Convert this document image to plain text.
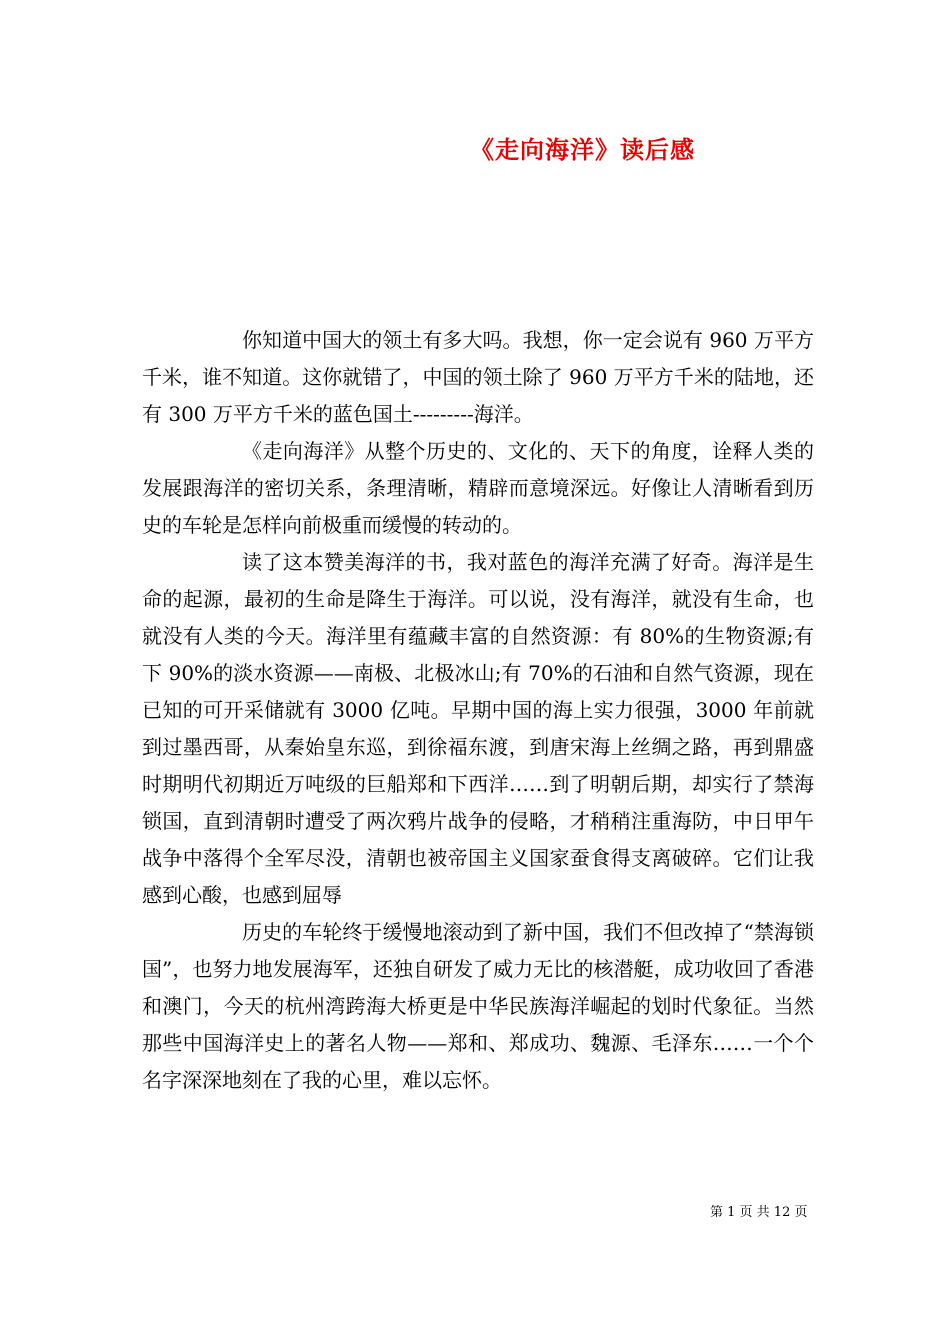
《走向海洋》读后感

你知道中国大的领土有多大吗。我想，你一定会说有 960 万平方千米，谁不知道。这你就错了，中国的领土除了 960 万平方千米的陆地，还有 300 万平方千米的蓝色国土---------海洋。

《走向海洋》从整个历史的、文化的、天下的角度，诠释人类的发展跟海洋的密切关系，条理清晰，精辟而意境深远。好像让人清晰看到历史的车轮是怎样向前极重而缓慢的转动的。

读了这本赞美海洋的书，我对蓝色的海洋充满了好奇。海洋是生命的起源，最初的生命是降生于海洋。可以说，没有海洋，就没有生命，也就没有人类的今天。海洋里有蕴藏丰富的自然资源：有 80%的生物资源;有下 90%的淡水资源——南极、北极冰山;有 70%的石油和自然气资源，现在已知的可开采储就有 3000 亿吨。早期中国的海上实力很强，3000 年前就到过墨西哥，从秦始皇东巡，到徐福东渡，到唐宋海上丝绸之路，再到鼎盛时期明代初期近万吨级的巨船郑和下西洋……到了明朝后期，却实行了禁海锁国，直到清朝时遭受了两次鸦片战争的侵略，才稍稍注重海防，中日甲午战争中落得个全军尽没，清朝也被帝国主义国家蚕食得支离破碎。它们让我感到心酸，也感到屈辱

历史的车轮终于缓慢地滚动到了新中国，我们不但改掉了“禁海锁国”，也努力地发展海军，还独自研发了威力无比的核潜艇，成功收回了香港和澳门，今天的杭州湾跨海大桥更是中华民族海洋崛起的划时代象征。当然那些中国海洋史上的著名人物——郑和、郑成功、魏源、毛泽东……一个个名字深深地刻在了我的心里，难以忘怀。

第 1 页 共 12 页
